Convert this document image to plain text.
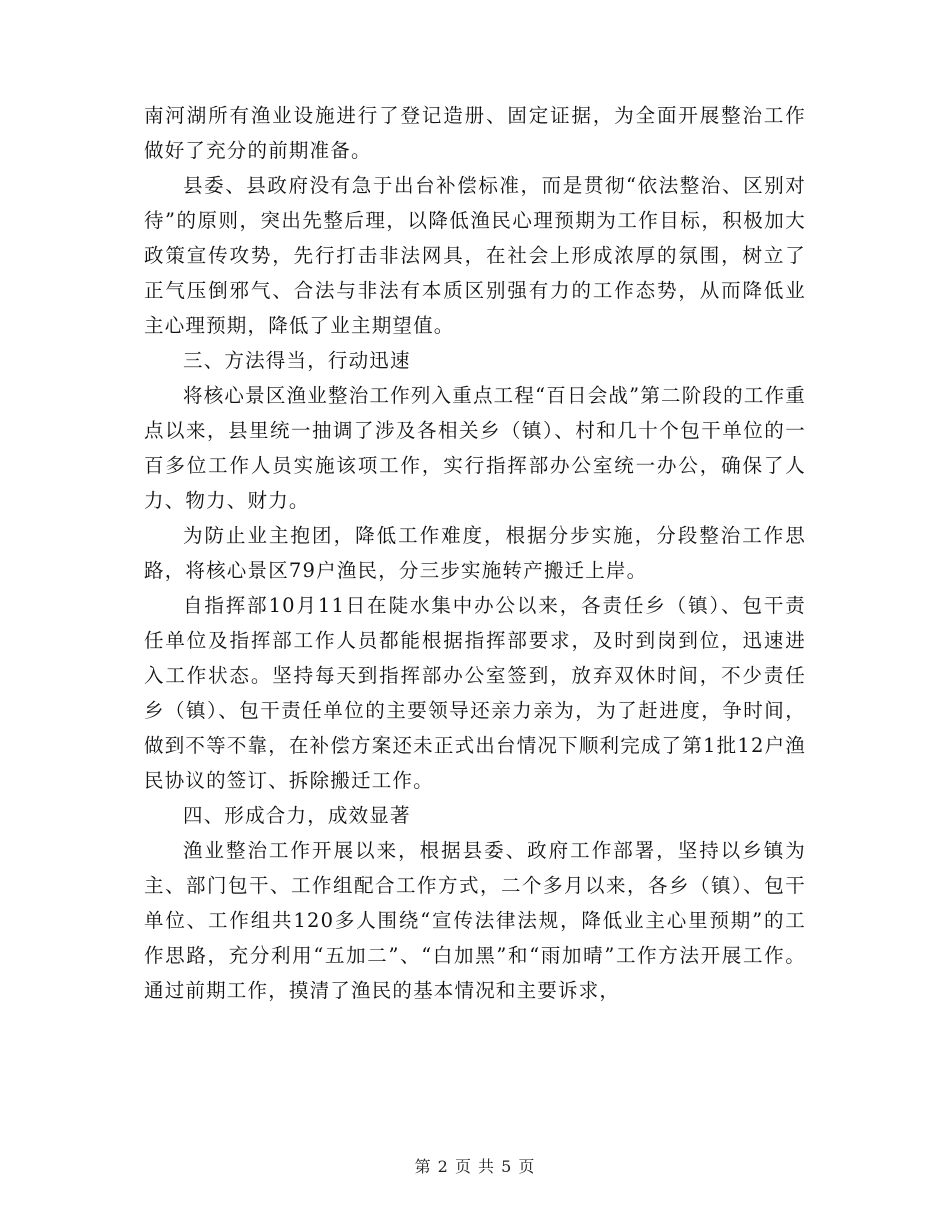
南河湖所有渔业设施进行了登记造册、固定证据，为全面开展整治工作做好了充分的前期准备。

县委、县政府没有急于出台补偿标准，而是贯彻“依法整治、区别对待”的原则，突出先整后理，以降低渔民心理预期为工作目标，积极加大政策宣传攻势，先行打击非法网具，在社会上形成浓厚的氛围，树立了正气压倒邪气、合法与非法有本质区别强有力的工作态势，从而降低业主心理预期，降低了业主期望值。

三、方法得当，行动迅速

将核心景区渔业整治工作列入重点工程“百日会战”第二阶段的工作重点以来，县里统一抽调了涉及各相关乡（镇）、村和几十个包干单位的一百多位工作人员实施该项工作，实行指挥部办公室统一办公，确保了人力、物力、财力。

为防止业主抱团，降低工作难度，根据分步实施，分段整治工作思路，将核心景区79户渔民，分三步实施转产搬迁上岸。

自指挥部10月11日在陡水集中办公以来，各责任乡（镇）、包干责任单位及指挥部工作人员都能根据指挥部要求，及时到岗到位，迅速进入工作状态。坚持每天到指挥部办公室签到，放弃双休时间，不少责任乡（镇）、包干责任单位的主要领导还亲力亲为，为了赶进度，争时间，做到不等不靠，在补偿方案还未正式出台情况下顺利完成了第1批12户渔民协议的签订、拆除搬迁工作。

四、形成合力，成效显著

渔业整治工作开展以来，根据县委、政府工作部署，坚持以乡镇为主、部门包干、工作组配合工作方式，二个多月以来，各乡（镇）、包干单位、工作组共120多人围绕“宣传法律法规，降低业主心里预期”的工作思路，充分利用“五加二”、“白加黑”和“雨加晴”工作方法开展工作。通过前期工作，摸清了渔民的基本情况和主要诉求，

第 2 页 共 5 页
